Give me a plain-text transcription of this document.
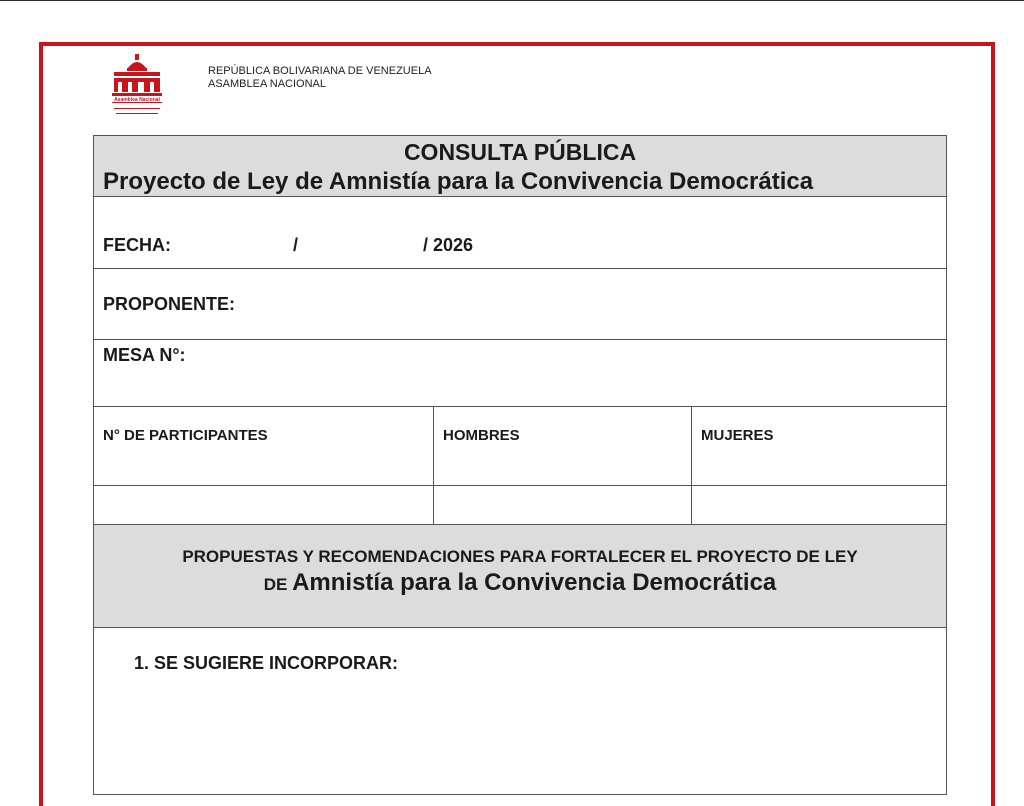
Asamblea Nacional
REPÚBLICA BOLIVARIANA DE VENEZUELA
ASAMBLEA NACIONAL
CONSULTA PÚBLICA
Proyecto de Ley de Amnistía para la Convivencia Democrática
FECHA:	/	/ 2026
PROPONENTE:
MESA N°:
N° DE PARTICIPANTES	HOMBRES	MUJERES
PROPUESTAS Y RECOMENDACIONES PARA FORTALECER EL PROYECTO DE LEY
DE Amnistía para la Convivencia Democrática
1. SE SUGIERE INCORPORAR:
